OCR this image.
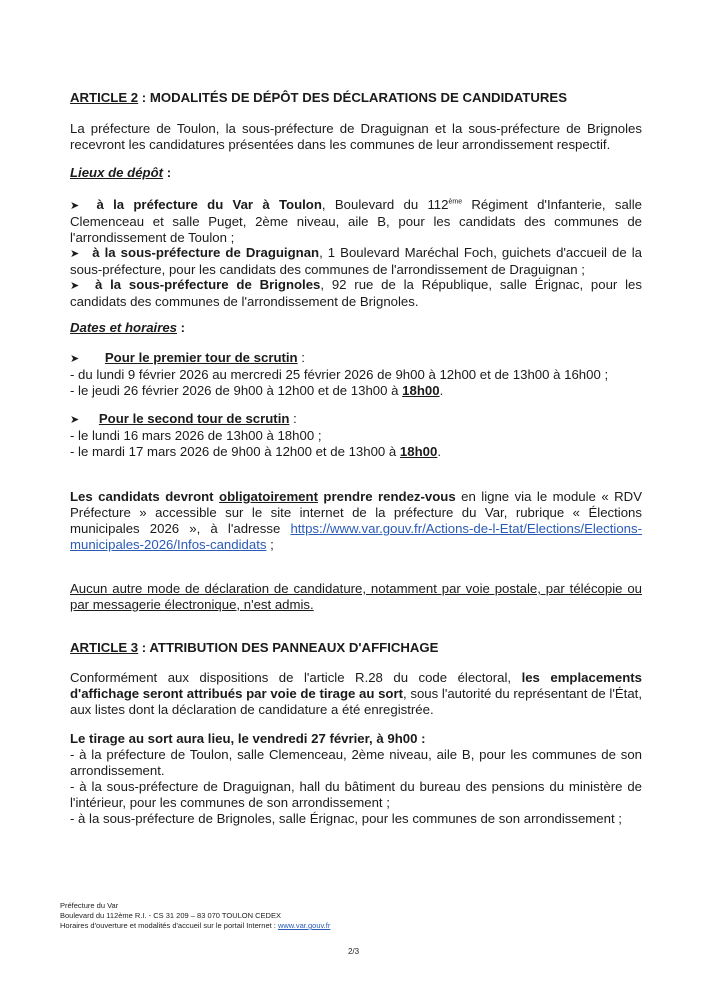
ARTICLE 2 : MODALITÉS DE DÉPÔT DES DÉCLARATIONS DE CANDIDATURES
La préfecture de Toulon, la sous-préfecture de Draguignan et la sous-préfecture de Brignoles recevront les candidatures présentées dans les communes de leur arrondissement respectif.
Lieux de dépôt :
➤ à la préfecture du Var à Toulon, Boulevard du 112ème Régiment d'Infanterie, salle Clemenceau et salle Puget, 2ème niveau, aile B, pour les candidats des communes de l'arrondissement de Toulon ;
➤ à la sous-préfecture de Draguignan, 1 Boulevard Maréchal Foch, guichets d'accueil de la sous-préfecture, pour les candidats des communes de l'arrondissement de Draguignan ;
➤ à la sous-préfecture de Brignoles, 92 rue de la République, salle Érignac, pour les candidats des communes de l'arrondissement de Brignoles.
Dates et horaires :
➤ Pour le premier tour de scrutin :
- du lundi 9 février 2026 au mercredi 25 février 2026 de 9h00 à 12h00 et de 13h00 à 16h00 ;
- le jeudi 26 février 2026 de 9h00 à 12h00 et de 13h00 à 18h00.
➤ Pour le second tour de scrutin :
- le lundi 16 mars 2026 de 13h00 à 18h00 ;
- le mardi 17 mars 2026 de 9h00 à 12h00 et de 13h00 à 18h00.
Les candidats devront obligatoirement prendre rendez-vous en ligne via le module « RDV Préfecture » accessible sur le site internet de la préfecture du Var, rubrique « Élections municipales 2026 », à l'adresse https://www.var.gouv.fr/Actions-de-l-Etat/Elections/Elections-municipales-2026/Infos-candidats ;
Aucun autre mode de déclaration de candidature, notamment par voie postale, par télécopie ou par messagerie électronique, n'est admis.
ARTICLE 3 : ATTRIBUTION DES PANNEAUX D'AFFICHAGE
Conformément aux dispositions de l'article R.28 du code électoral, les emplacements d'affichage seront attribués par voie de tirage au sort, sous l'autorité du représentant de l'État, aux listes dont la déclaration de candidature a été enregistrée.
Le tirage au sort aura lieu, le vendredi 27 février, à 9h00 :
- à la préfecture de Toulon, salle Clemenceau, 2ème niveau, aile B, pour les communes de son arrondissement.
- à la sous-préfecture de Draguignan, hall du bâtiment du bureau des pensions du ministère de l'intérieur, pour les communes de son arrondissement ;
- à la sous-préfecture de Brignoles, salle Érignac, pour les communes de son arrondissement ;
Préfecture du Var
Boulevard du 112ème R.I. - CS 31 209 – 83 070 TOULON CEDEX
Horaires d'ouverture et modalités d'accueil sur le portail Internet : www.var.gouv.fr
2/3
